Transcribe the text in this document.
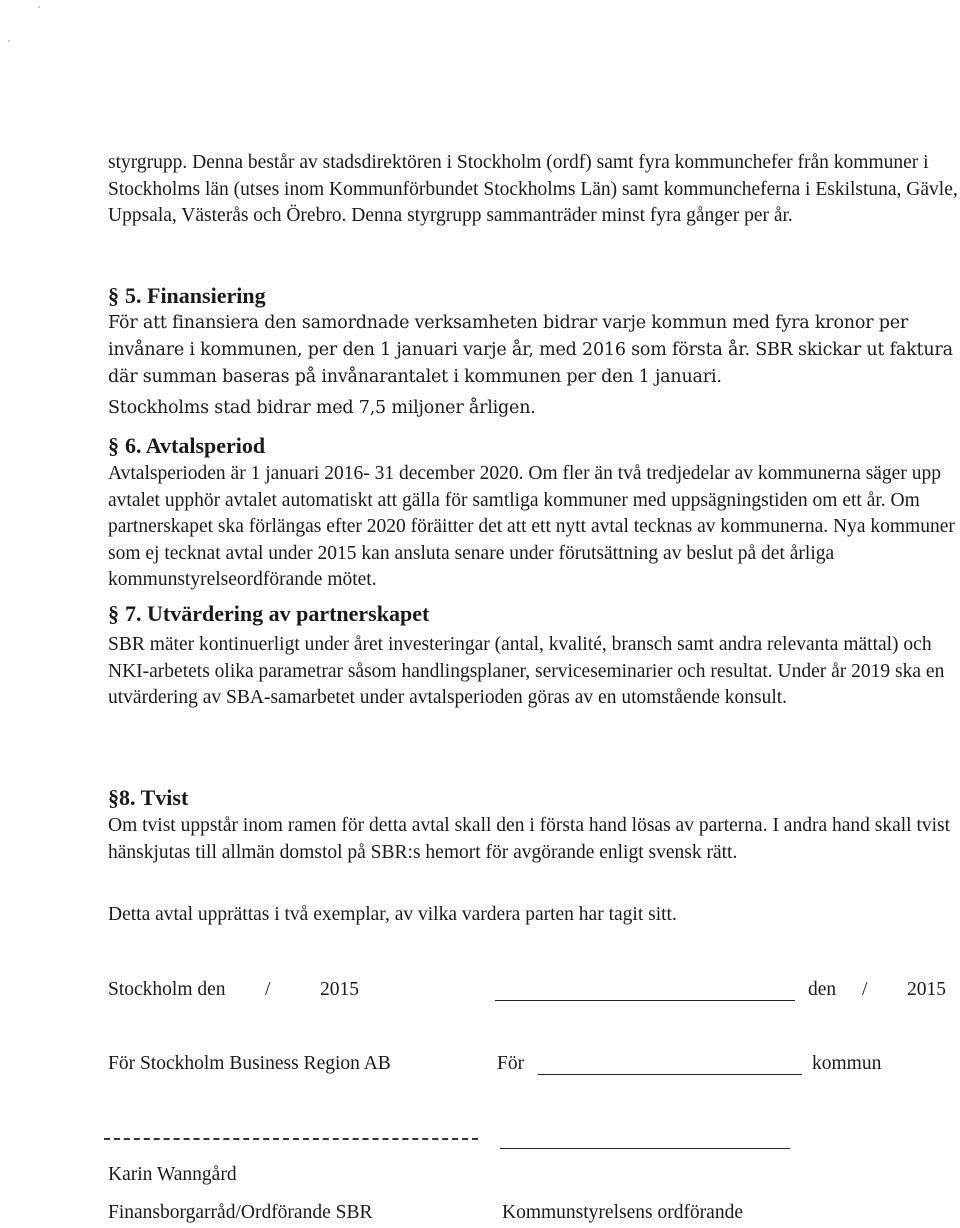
styrgrupp. Denna består av stadsdirektören i Stockholm (ordf) samt fyra kommunchefer från kommuner i Stockholms län (utses inom Kommunförbundet Stockholms Län) samt kommuncheferna i Eskilstuna, Gävle, Uppsala, Västerås och Örebro. Denna styrgrupp sammanträder minst fyra gånger per år.

§ 5. Finansiering

För att finansiera den samordnade verksamheten bidrar varje kommun med fyra kronor per invånare i kommunen, per den 1 januari varje år, med 2016 som första år. SBR skickar ut faktura där summan baseras på invånarantalet i kommunen per den 1 januari.

Stockholms stad bidrar med 7,5 miljoner årligen.

§ 6. Avtalsperiod

Avtalsperioden är 1 januari 2016- 31 december 2020. Om fler än två tredjedelar av kommunerna säger upp avtalet upphör avtalet automatiskt att gälla för samtliga kommuner med uppsägningstiden om ett år. Om partnerskapet ska förlängas efter 2020 föräitter det att ett nytt avtal tecknas av kommunerna. Nya kommuner som ej tecknat avtal under 2015 kan ansluta senare under förutsättning av beslut på det årliga kommunstyrelseordförande mötet.

§ 7. Utvärdering av partnerskapet

SBR mäter kontinuerligt under året investeringar (antal, kvalité, bransch samt andra relevanta mättal) och NKI-arbetets olika parametrar såsom handlingsplaner, serviceseminarier och resultat. Under år 2019 ska en utvärdering av SBA-samarbetet under avtalsperioden göras av en utomstående konsult.

§8. Tvist

Om tvist uppstår inom ramen för detta avtal skall den i första hand lösas av parterna. I andra hand skall tvist hänskjutas till allmän domstol på SBR:s hemort för avgörande enligt svensk rätt.

Detta avtal upprättas i två exemplar, av vilka vardera parten har tagit sitt.

Stockholm den /	2015	den / 2015
För Stockholm Business Region AB	För	kommun
Karin Wanngård
Finansborgarråd/Ordförande SBR	Kommunstyrelsens ordförande
